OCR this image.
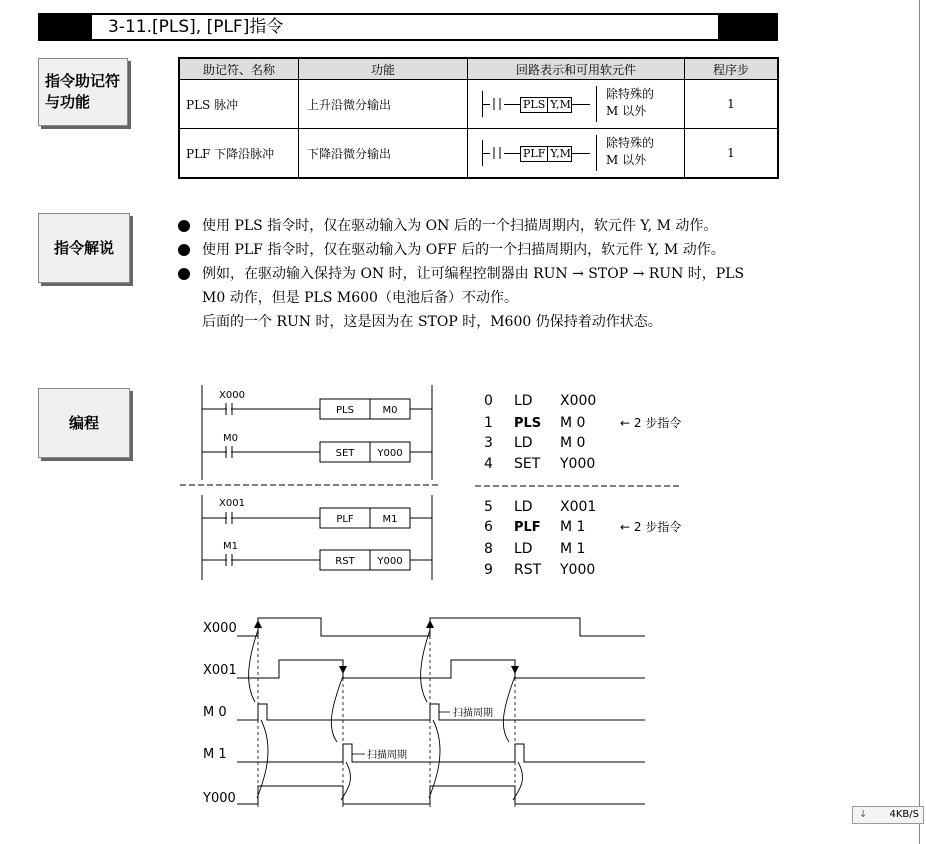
3-11.[PLS], [PLF]指令
指令助记符与功能
指令解说
编程
助记符、名称	功能	回路表示和可用软元件	程序步
PLS 脉冲	上升沿微分输出	PLS Y,M
除特殊的
M 以外	1
PLF 下降沿脉冲	下降沿微分输出	PLF Y,M
除特殊的
M 以外	1
使用 PLS 指令时，仅在驱动输入为 ON 后的一个扫描周期内，软元件 Y, M 动作。
使用 PLF 指令时，仅在驱动输入为 OFF 后的一个扫描周期内，软元件 Y, M 动作。
例如，在驱动输入保持为 ON 时，让可编程控制器由 RUN → STOP → RUN 时，PLS
M0 动作，但是 PLS M600（电池后备）不动作。
后面的一个 RUN 时，这是因为在 STOP 时，M600 仍保持着动作状态。
X000
M0
X001
M1
PLS	M0
SET Y000
PLF	M1
RST Y000
0 LD X000
1 PLS M 0	← 2 步指令
3 LD M 0
4 SET Y000
5 LD X001
6 PLF M 1	← 2 步指令
8 LD M 1
9 RST Y000
X000
X001
M 0
M 1
Y000
扫描周期
扫描周期
↓ 4KB/S
